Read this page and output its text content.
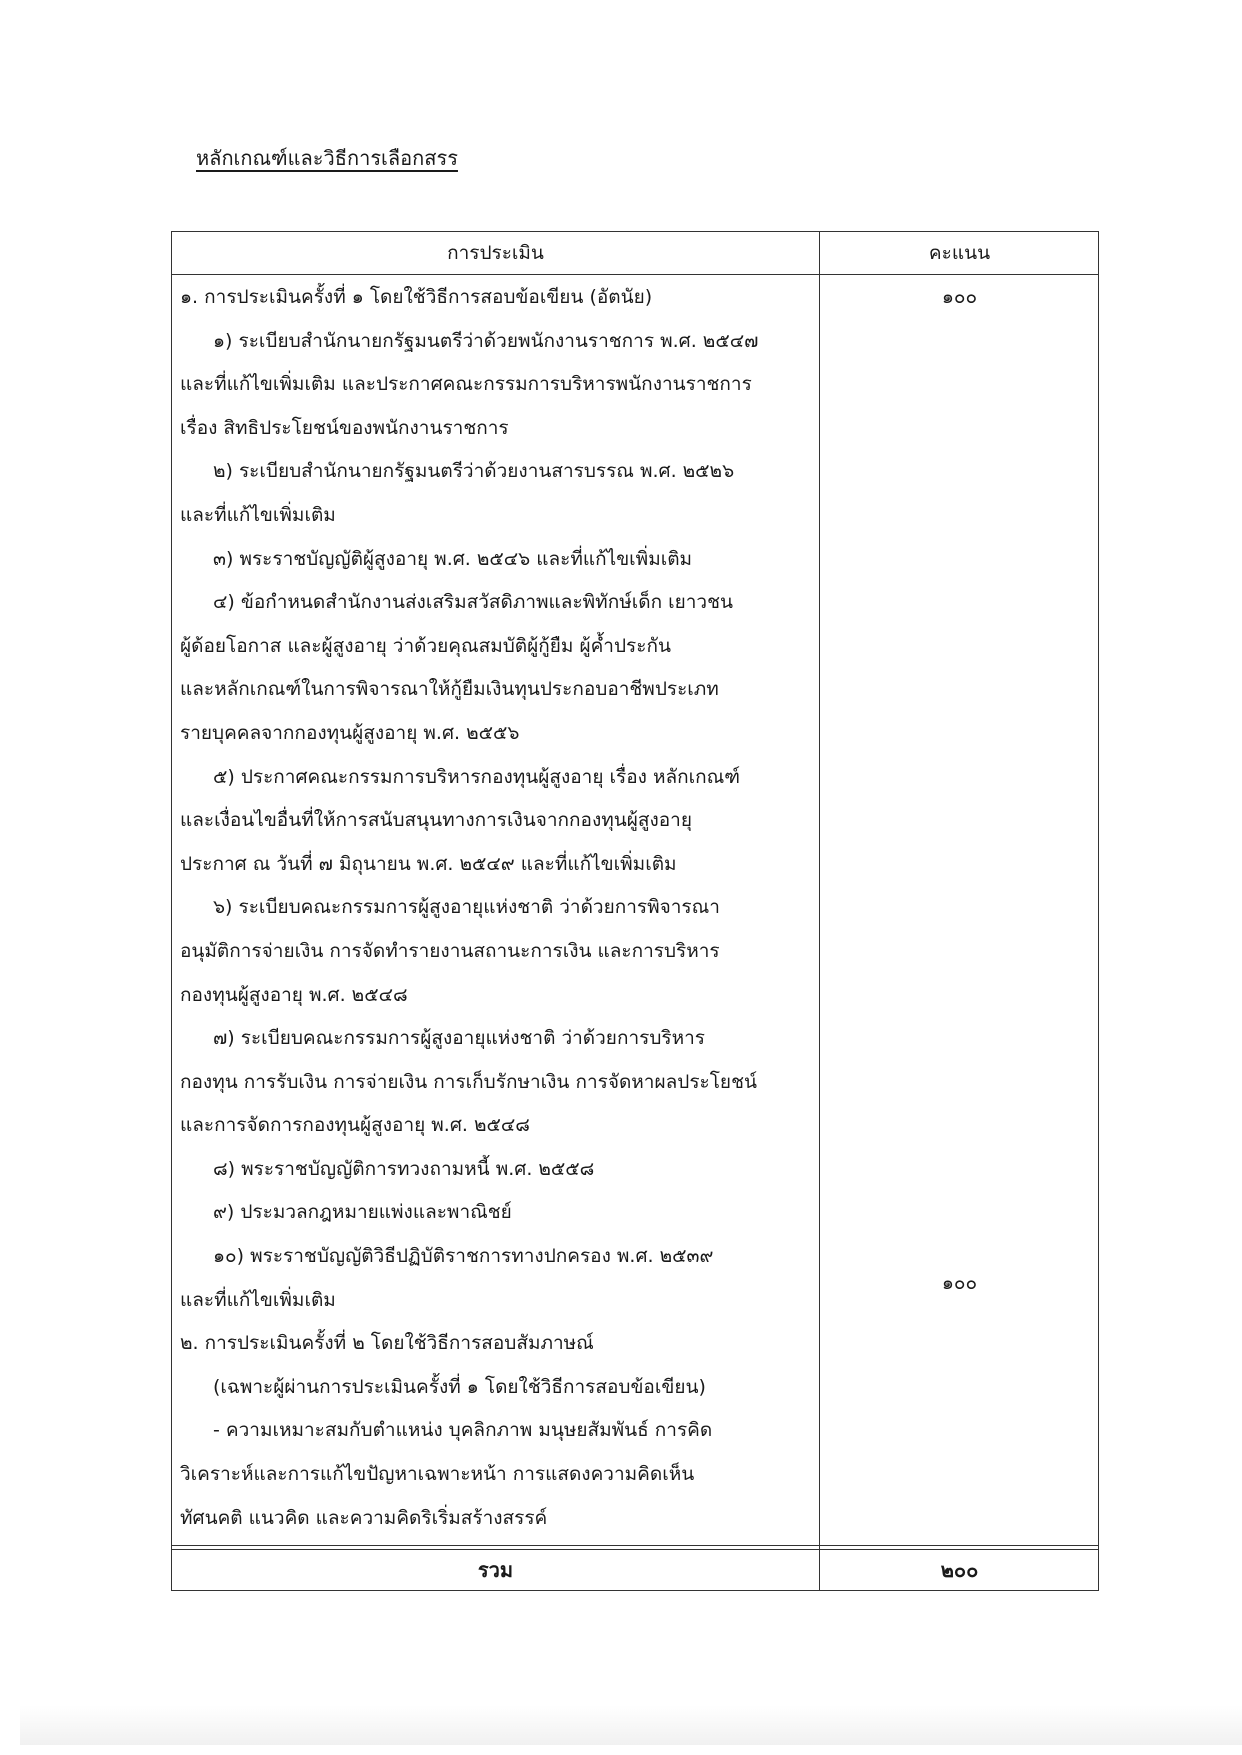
หลักเกณฑ์และวิธีการเลือกสรร
การประเมิน	คะแนน
๑. การประเมินครั้งที่ ๑ โดยใช้วิธีการสอบข้อเขียน (อัตนัย)
๑) ระเบียบสำนักนายกรัฐมนตรีว่าด้วยพนักงานราชการ พ.ศ. ๒๕๔๗
และที่แก้ไขเพิ่มเติม และประกาศคณะกรรมการบริหารพนักงานราชการ
เรื่อง สิทธิประโยชน์ของพนักงานราชการ
๒) ระเบียบสำนักนายกรัฐมนตรีว่าด้วยงานสารบรรณ พ.ศ. ๒๕๒๖
และที่แก้ไขเพิ่มเติม
๓) พระราชบัญญัติผู้สูงอายุ พ.ศ. ๒๕๔๖ และที่แก้ไขเพิ่มเติม
๔) ข้อกำหนดสำนักงานส่งเสริมสวัสดิภาพและพิทักษ์เด็ก เยาวชน
ผู้ด้อยโอกาส และผู้สูงอายุ ว่าด้วยคุณสมบัติผู้กู้ยืม ผู้ค้ำประกัน
และหลักเกณฑ์ในการพิจารณาให้กู้ยืมเงินทุนประกอบอาชีพประเภท
รายบุคคลจากกองทุนผู้สูงอายุ พ.ศ. ๒๕๕๖
๕) ประกาศคณะกรรมการบริหารกองทุนผู้สูงอายุ เรื่อง หลักเกณฑ์
และเงื่อนไขอื่นที่ให้การสนับสนุนทางการเงินจากกองทุนผู้สูงอายุ
ประกาศ ณ วันที่ ๗ มิถุนายน พ.ศ. ๒๕๔๙ และที่แก้ไขเพิ่มเติม
๖) ระเบียบคณะกรรมการผู้สูงอายุแห่งชาติ ว่าด้วยการพิจารณา
อนุมัติการจ่ายเงิน การจัดทำรายงานสถานะการเงิน และการบริหาร
กองทุนผู้สูงอายุ พ.ศ. ๒๕๔๘
๗) ระเบียบคณะกรรมการผู้สูงอายุแห่งชาติ ว่าด้วยการบริหาร
กองทุน การรับเงิน การจ่ายเงิน การเก็บรักษาเงิน การจัดหาผลประโยชน์
และการจัดการกองทุนผู้สูงอายุ พ.ศ. ๒๕๔๘
๘) พระราชบัญญัติการทวงถามหนี้ พ.ศ. ๒๕๕๘
๙) ประมวลกฎหมายแพ่งและพาณิชย์
๑๐) พระราชบัญญัติวิธีปฏิบัติราชการทางปกครอง พ.ศ. ๒๕๓๙
และที่แก้ไขเพิ่มเติม
๒. การประเมินครั้งที่ ๒ โดยใช้วิธีการสอบสัมภาษณ์
(เฉพาะผู้ผ่านการประเมินครั้งที่ ๑ โดยใช้วิธีการสอบข้อเขียน)
- ความเหมาะสมกับตำแหน่ง บุคลิกภาพ มนุษยสัมพันธ์ การคิด
วิเคราะห์และการแก้ไขปัญหาเฉพาะหน้า การแสดงความคิดเห็น
ทัศนคติ แนวคิด และความคิดริเริ่มสร้างสรรค์
๑๐๐
๑๐๐
รวม	๒๐๐
